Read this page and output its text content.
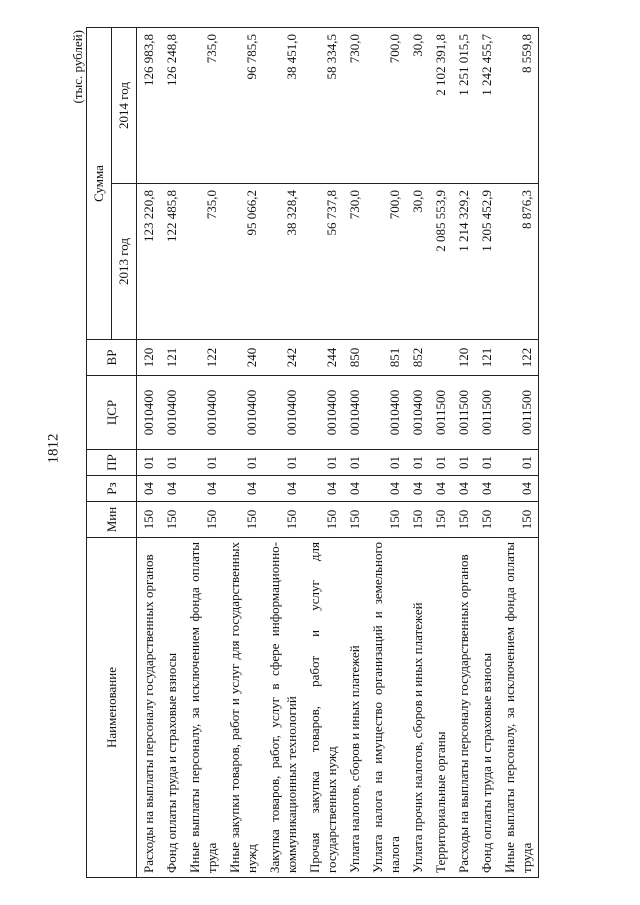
1812
(тыс. рублей)
Наименование	Мин	Рз	ПР	ЦСР	ВР	Сумма	
						2013 год	2014 год
Расходы на выплаты персоналу государственных органов	150	04	01	0010400	120	123 220,8	126 983,8
Фонд оплаты труда и страховые взносы	150	04	01	0010400	121	122 485,8	126 248,8
Иные выплаты персоналу, за исключением фонда оплаты труда	150	04	01	0010400	122	735,0	735,0
Иные закупки товаров, работ и услуг для государственных нужд	150	04	01	0010400	240	95 066,2	96 785,5
Закупка товаров, работ, услуг в сфере информационно-коммуникационных технологий	150	04	01	0010400	242	38 328,4	38 451,0
Прочая закупка товаров, работ и услуг для государственных нужд	150	04	01	0010400	244	56 737,8	58 334,5
Уплата налогов, сборов и иных платежей	150	04	01	0010400	850	730,0	730,0
Уплата налога на имущество организаций и земельного налога	150	04	01	0010400	851	700,0	700,0
Уплата прочих налогов, сборов и иных платежей	150	04	01	0010400	852	30,0	30,0
Территориальные органы	150	04	01	0011500		2 085 553,9	2 102 391,8
Расходы на выплаты персоналу государственных органов	150	04	01	0011500	120	1 214 329,2	1 251 015,5
Фонд оплаты труда и страховые взносы	150	04	01	0011500	121	1 205 452,9	1 242 455,7
Иные выплаты персоналу, за исключением фонда оплаты труда	150	04	01	0011500	122	8 876,3	8 559,8
